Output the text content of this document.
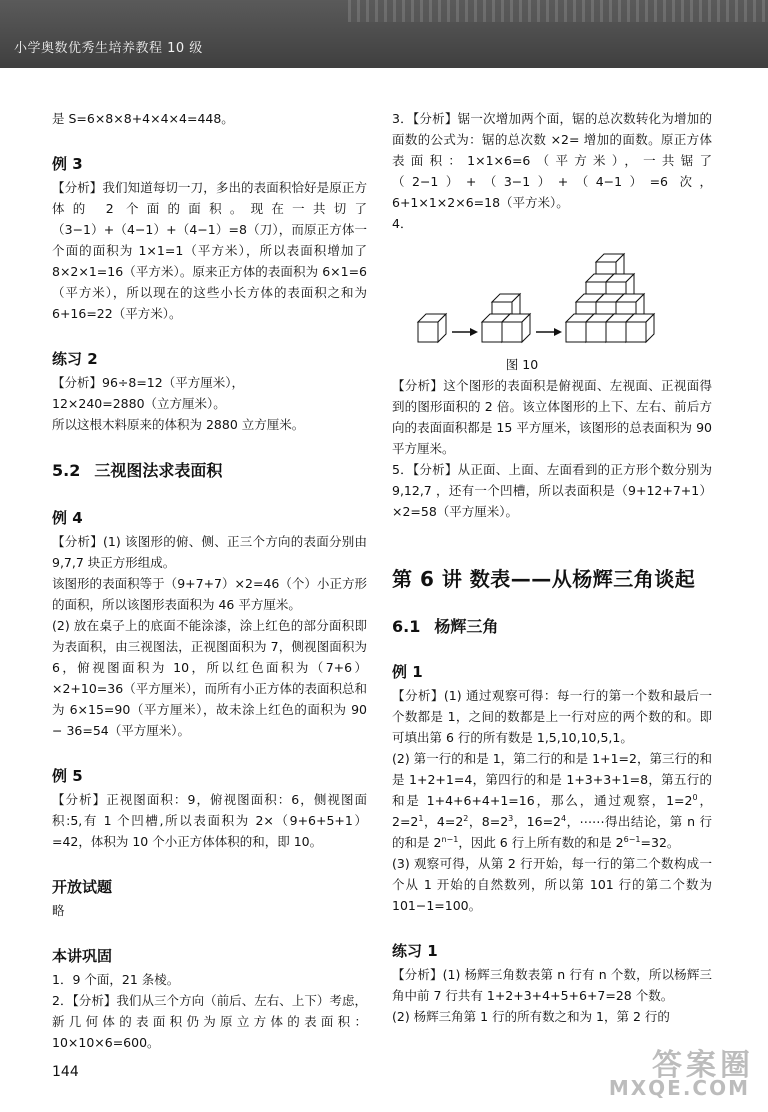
小学奥数优秀生培养教程 10 级

是 S=6×8×8+4×4×4=448。

例 3

【分析】我们知道每切一刀，多出的表面积恰好是原正方体的 2 个面的面积。现在一共切了（3−1）+（4−1）+（4−1）=8（刀），而原正方体一个面的面积为 1×1=1（平方米），所以表面积增加了 8×2×1=16（平方米）。原来正方体的表面积为 6×1=6（平方米），所以现在的这些小长方体的表面积之和为 6+16=22（平方米）。

练习 2

【分析】96÷8=12（平方厘米），

12×240=2880（立方厘米）。

所以这根木料原来的体积为 2880 立方厘米。

5.2 三视图法求表面积
例 4

【分析】(1) 该图形的俯、侧、正三个方向的表面分别由 9,7,7 块正方形组成。

该图形的表面积等于（9+7+7）×2=46（个）小正方形的面积，所以该图形表面积为 46 平方厘米。

(2) 放在桌子上的底面不能涂漆，涂上红色的部分面积即为表面积，由三视图法，正视图面积为 7，侧视图面积为 6，俯视图面积为 10，所以红色面积为（7+6）×2+10=36（平方厘米），而所有小正方体的表面积总和为 6×15=90（平方厘米），故未涂上红色的面积为 90 − 36=54（平方厘米）。

例 5

【分析】正视图面积：9，俯视图面积：6，侧视图面积:5,有 1 个凹槽,所以表面积为 2×（9+6+5+1）=42，体积为 10 个小正方体体积的和，即 10。

开放试题

略

本讲巩固

1．9 个面，21 条棱。

2．【分析】我们从三个方向（前后、左右、上下）考虑，新几何体的表面积仍为原立方体的表面积：10×10×6=600。

3．【分析】锯一次增加两个面，锯的总次数转化为增加的面数的公式为：锯的总次数 ×2= 增加的面数。原正方体表面积：1×1×6=6（平方米），一共锯了（2−1）+（3−1）+（4−1）=6 次，6+1×1×2×6=18（平方米）。

4．

图 10

【分析】这个图形的表面积是俯视面、左视面、正视面得到的图形面积的 2 倍。该立体图形的上下、左右、前后方向的表面面积都是 15 平方厘米，该图形的总表面积为 90 平方厘米。

5．【分析】从正面、上面、左面看到的正方形个数分别为 9,12,7 ，还有一个凹槽，所以表面积是（9+12+7+1）×2=58（平方厘米）。

第 6 讲 数表——从杨辉三角谈起
6.1 杨辉三角
例 1

【分析】(1) 通过观察可得：每一行的第一个数和最后一个数都是 1，之间的数都是上一行对应的两个数的和。即可填出第 6 行的所有数是 1,5,10,10,5,1。

(2) 第一行的和是 1，第二行的和是 1+1=2，第三行的和是 1+2+1=4，第四行的和是 1+3+3+1=8，第五行的和是 1+4+6+4+1=16，那么，通过观察，$1=2^0$，$2=2^1$，$4=2^2$，$8=2^3$，$16=2^4$，⋯⋯得出结论，第 n 行的和是 $2^{n-1}$，因此 6 行上所有数的和是 $2^{6-1}=32$。

(3) 观察可得，从第 2 行开始，每一行的第二个数构成一个从 1 开始的自然数列，所以第 101 行的第二个数为 101−1=100。

练习 1

【分析】(1) 杨辉三角数表第 n 行有 n 个数，所以杨辉三角中前 7 行共有 1+2+3+4+5+6+7=28 个数。

(2) 杨辉三角第 1 行的所有数之和为 1，第 2 行的

144	答案圈
MXQE.COM
